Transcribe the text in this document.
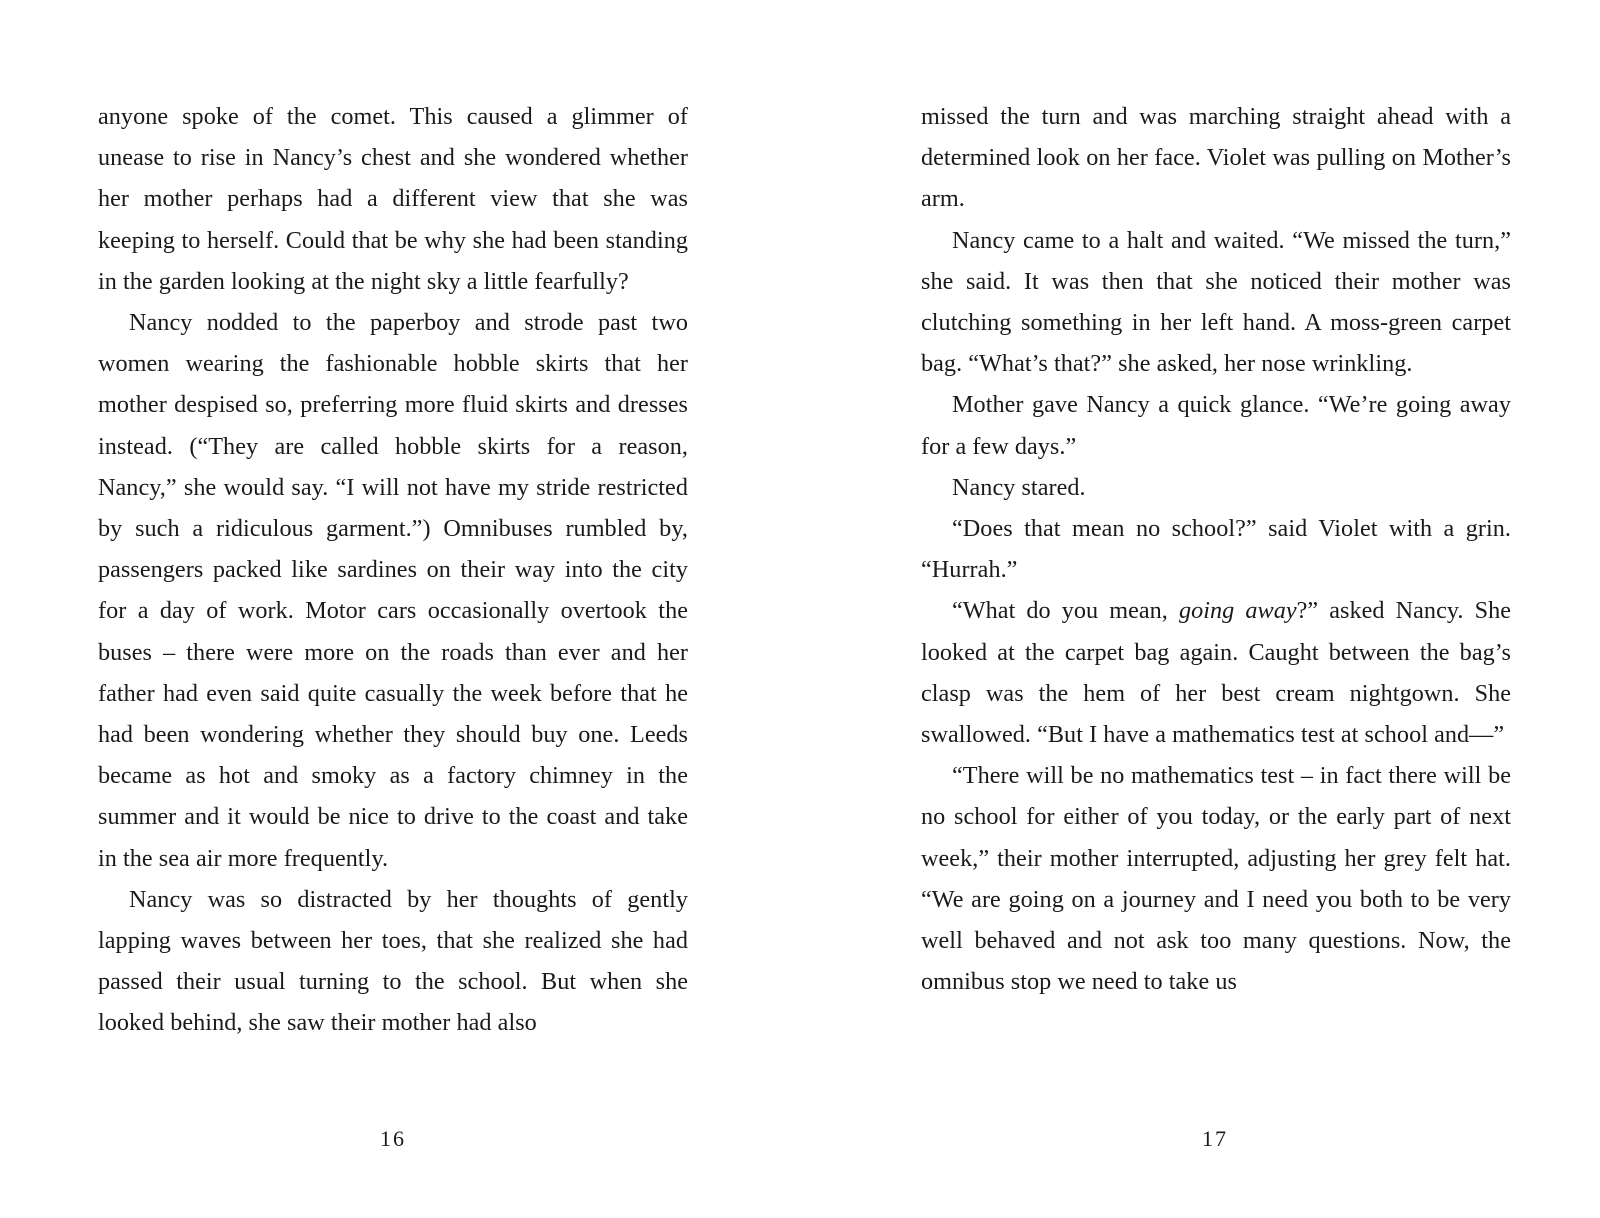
anyone spoke of the comet. This caused a glimmer of unease to rise in Nancy’s chest and she wondered whether her mother perhaps had a different view that she was keeping to herself. Could that be why she had been standing in the garden looking at the night sky a little fearfully?

Nancy nodded to the paperboy and strode past two women wearing the fashionable hobble skirts that her mother despised so, preferring more fluid skirts and dresses instead. (“They are called hobble skirts for a reason, Nancy,” she would say. “I will not have my stride restricted by such a ridiculous garment.”) Omnibuses rumbled by, passengers packed like sardines on their way into the city for a day of work. Motor cars occasionally overtook the buses – there were more on the roads than ever and her father had even said quite casually the week before that he had been wondering whether they should buy one. Leeds became as hot and smoky as a factory chimney in the summer and it would be nice to drive to the coast and take in the sea air more frequently.

Nancy was so distracted by her thoughts of gently lapping waves between her toes, that she realized she had passed their usual turning to the school. But when she looked behind, she saw their mother had also

16

missed the turn and was marching straight ahead with a determined look on her face. Violet was pulling on Mother’s arm.

Nancy came to a halt and waited. “We missed the turn,” she said. It was then that she noticed their mother was clutching something in her left hand. A moss-green carpet bag. “What’s that?” she asked, her nose wrinkling.

Mother gave Nancy a quick glance. “We’re going away for a few days.”

Nancy stared.

“Does that mean no school?” said Violet with a grin. “Hurrah.”

“What do you mean, going away?” asked Nancy. She looked at the carpet bag again. Caught between the bag’s clasp was the hem of her best cream nightgown. She swallowed. “But I have a mathematics test at school and—”

“There will be no mathematics test – in fact there will be no school for either of you today, or the early part of next week,” their mother interrupted, adjusting her grey felt hat. “We are going on a journey and I need you both to be very well behaved and not ask too many questions. Now, the omnibus stop we need to take us

17
